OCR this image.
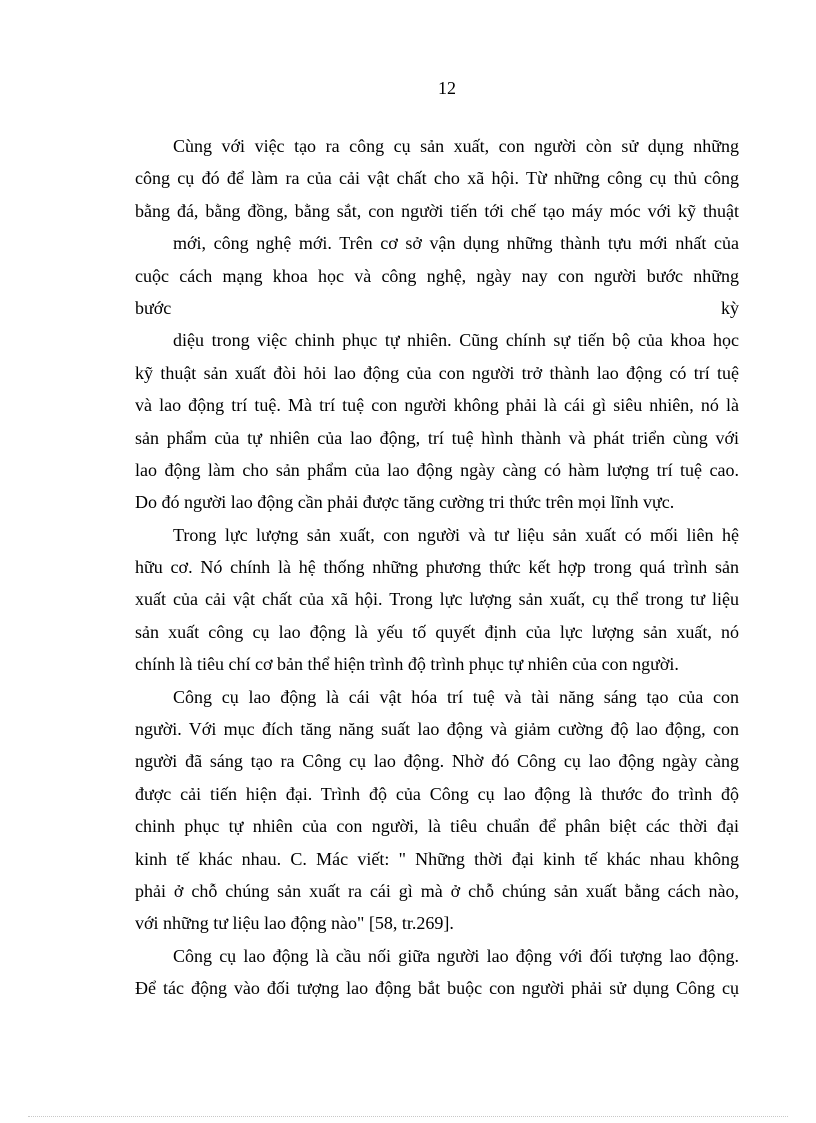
12
Cùng với việc tạo ra công cụ sản xuất, con người còn sử dụng những
công cụ đó để làm ra của cải vật chất cho xã hội. Từ những công cụ thủ công
bằng đá, bằng đồng, bằng sắt, con người tiến tới chế tạo máy móc với kỹ thuật
mới, công nghệ mới. Trên cơ sở vận dụng những thành tựu mới nhất của
cuộc cách mạng khoa học và công nghệ, ngày nay con người bước những
bước kỳ
diệu trong việc chinh phục tự nhiên. Cũng chính sự tiến bộ của khoa học
kỹ thuật sản xuất đòi hỏi lao động của con người trở thành lao động có trí tuệ
và lao động trí tuệ. Mà trí tuệ con người không phải là cái gì siêu nhiên, nó là
sản phẩm của tự nhiên của lao động, trí tuệ hình thành và phát triển cùng với
lao động làm cho sản phẩm của lao động ngày càng có hàm lượng trí tuệ cao.
Do đó người lao động cần phải được tăng cường tri thức trên mọi lĩnh vực.
Trong lực lượng sản xuất, con người và tư liệu sản xuất có mối liên hệ
hữu cơ. Nó chính là hệ thống những phương thức kết hợp trong quá trình sản
xuất của cải vật chất của xã hội. Trong lực lượng sản xuất, cụ thể trong tư liệu
sản xuất công cụ lao động là yếu tố quyết định của lực lượng sản xuất, nó
chính là tiêu chí cơ bản thể hiện trình độ trình phục tự nhiên của con người.
Công cụ lao động là cái vật hóa trí tuệ và tài năng sáng tạo của con
người. Với mục đích tăng năng suất lao động và giảm cường độ lao động, con
người đã sáng tạo ra Công cụ lao động. Nhờ đó Công cụ lao động ngày càng
được cải tiến hiện đại. Trình độ của Công cụ lao động là thước đo trình độ
chinh phục tự nhiên của con người, là tiêu chuẩn để phân biệt các thời đại
kinh tế khác nhau. C. Mác viết: " Những thời đại kinh tế khác nhau không
phải ở chỗ chúng sản xuất ra cái gì mà ở chỗ chúng sản xuất bằng cách nào,
với những tư liệu lao động nào" [58, tr.269].
Công cụ lao động là cầu nối giữa người lao động với đối tượng lao động.
Để tác động vào đối tượng lao động bắt buộc con người phải sử dụng Công cụ
